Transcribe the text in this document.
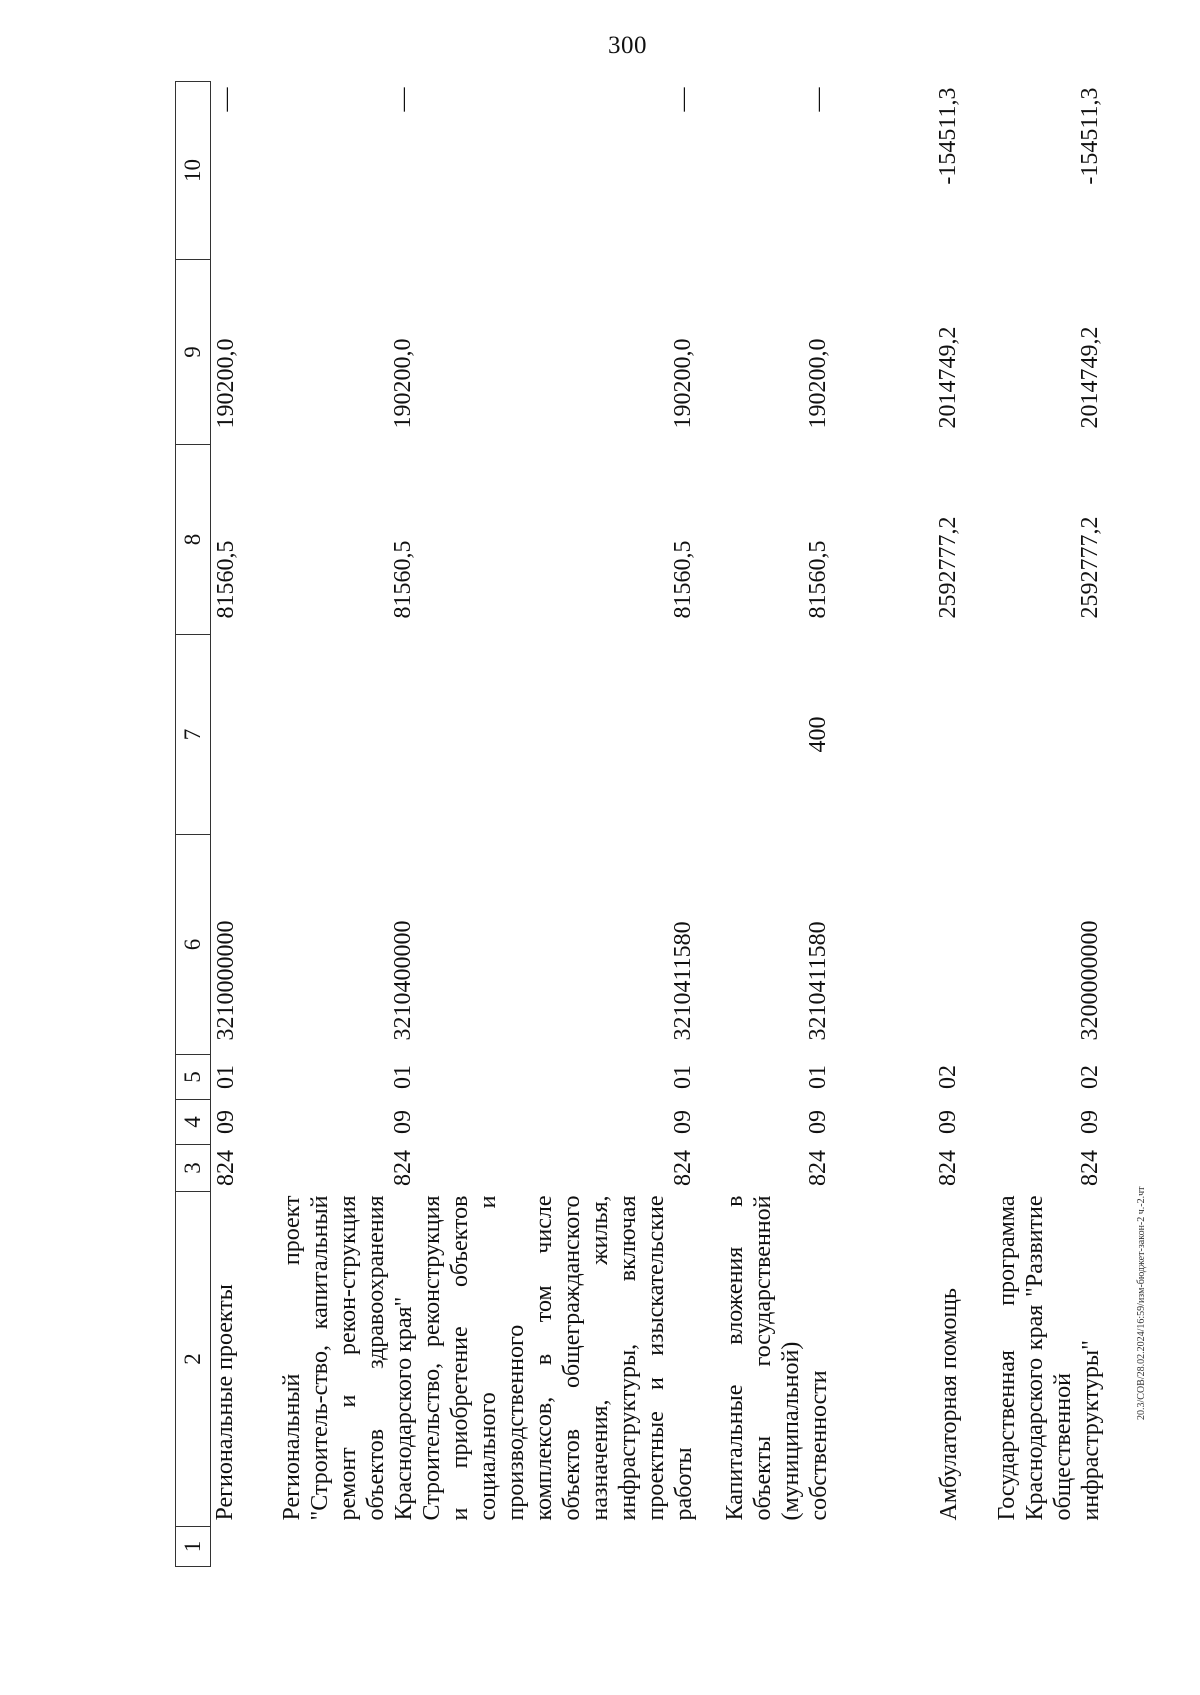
300
1	2	3	4	5	6	7	8	9	10
	Региональные проекты	824	09	01	3210000000		81560,5	190200,0	—
	Региональный проект "Строитель-ство, капитальный ремонт и рекон-струкция объектов здравоохранения Краснодарского края"	824	09	01	3210400000		81560,5	190200,0	—
	Строительство, реконструкция и приобретение объектов социального и производственного комплексов, в том числе объектов общегражданского назначения, жилья, инфраструктуры, включая проектные и изыскательские работы	824	09	01	3210411580		81560,5	190200,0	—
	Капитальные вложения в объекты государственной (муниципальной) собственности	824	09	01	3210411580	400	81560,5	190200,0	—
	Амбулаторная помощь	824	09	02			2592777,2	2014749,2	-154511,3
	Государственная программа Краснодарского края "Развитие общественной инфраструктуры"	824	09	02	3200000000		2592777,2	2014749,2	-154511,3
20.3/СОВ/28.02.2024/16:59/изм-бюджет-закон-2 ч.-2.чт
